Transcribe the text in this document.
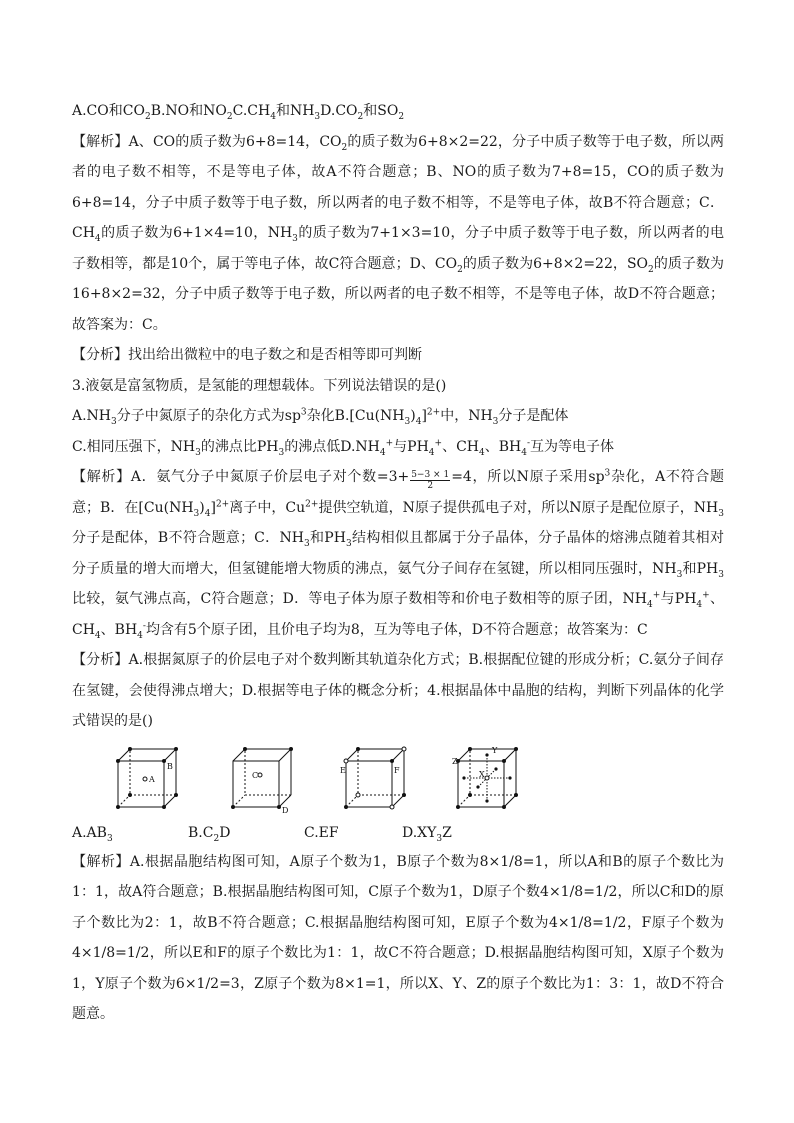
A.CO和$CO_2B.NO$和$NO_2C.CH_4$和$NH_3D.CO_2$和$SO_2$

【解析】A、CO的质子数为6+8=14，$CO_2$的质子数为6+8×2=22，分子中质子数等于电子数，所以两者的电子数不相等，不是等电子体，故A不符合题意；B、NO的质子数为7+8=15，CO的质子数为6+8=14，分子中质子数等于电子数，所以两者的电子数不相等，不是等电子体，故B不符合题意；C．$CH_4$的质子数为6+1×4=10，$NH_3$的质子数为7+1×3=10，分子中质子数等于电子数，所以两者的电子数相等，都是10个，属于等电子体，故C符合题意；D、$CO_2$的质子数为6+8×2=22，$SO_2$的质子数为16+8×2=32，分子中质子数等于电子数，所以两者的电子数不相等，不是等电子体，故D不符合题意；故答案为：C。

【分析】找出给出微粒中的电子数之和是否相等即可判断

3.液氨是富氢物质，是氢能的理想载体。下列说法错误的是()

$A.NH_3$分子中氮原子的杂化方式为$sp^3$杂化$B.[Cu(NH_3)_4]^{2+}$中，$NH_3$分子是配体

C.相同压强下，$NH_3$的沸点比$PH_3$的沸点低$D.NH_4^+$与$PH_4^+$、$CH_4$、$BH_4^-$互为等电子体

【解析】A．氨气分子中氮原子价层电子对个数$=3+ \frac{5-3 \times 1}{2} =4$，所以N原子采用$sp^3$杂化，A不符合题意；B．在$[Cu(NH_3)_4]^{2+}$离子中，$Cu^{2+}$提供空轨道，N原子提供孤电子对，所以N原子是配位原子，$NH_3$分子是配体，B不符合题意；C．$NH_3$和$PH_3$结构相似且都属于分子晶体，分子晶体的熔沸点随着其相对分子质量的增大而增大，但氢键能增大物质的沸点，氨气分子间存在氢键，所以相同压强时，$NH_3$和$PH_3$比较，氨气沸点高，C符合题意；D．等电子体为原子数相等和价电子数相等的原子团，$NH_4^+$与$PH_4^+$、$CH_4$、$BH_4^-$均含有5个原子团，且价电子均为8，互为等电子体，D不符合题意；故答案为：C

【分析】A.根据氮原子的价层电子对个数判断其轨道杂化方式；B.根据配位键的形成分析；C.氨分子间存在氢键，会使得沸点增大；D.根据等电子体的概念分析；4.根据晶体中晶胞的结构，判断下列晶体的化学式错误的是()

A
B
$A.AB_3$
C
D
$B.C_2D$
E	F
C.EF
Z
Y
X
$D.XY_3Z$

【解析】A.根据晶胞结构图可知，A原子个数为1，B原子个数为8×1/8=1，所以A和B的原子个数比为1：1，故A符合题意；B.根据晶胞结构图可知，C原子个数为1，D原子个数4×1/8=1/2，所以C和D的原子个数比为2：1，故B不符合题意；C.根据晶胞结构图可知，E原子个数为4×1/8=1/2，F原子个数为4×1/8=1/2，所以E和F的原子个数比为1：1，故C不符合题意；D.根据晶胞结构图可知，X原子个数为1，Y原子个数为6×1/2=3，Z原子个数为8×1=1，所以X、Y、Z的原子个数比为1：3：1，故D不符合题意。
